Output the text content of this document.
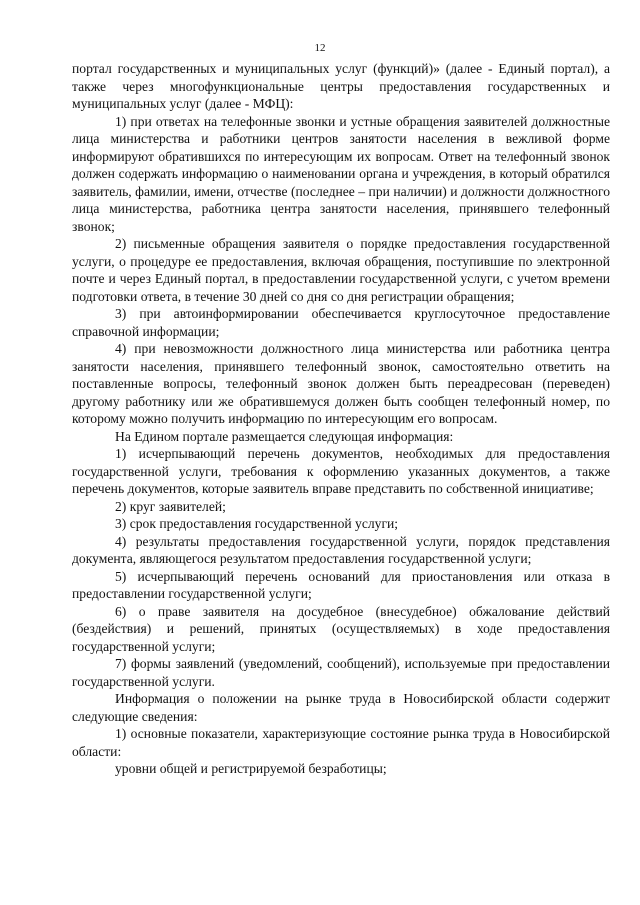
12

портал государственных и муниципальных услуг (функций)» (далее - Единый портал), а также через многофункциональные центры предоставления государственных и муниципальных услуг (далее - МФЦ):

1) при ответах на телефонные звонки и устные обращения заявителей должностные лица министерства и работники центров занятости населения в вежливой форме информируют обратившихся по интересующим их вопросам. Ответ на телефонный звонок должен содержать информацию о наименовании органа и учреждения, в который обратился заявитель, фамилии, имени, отчестве (последнее – при наличии) и должности должностного лица министерства, работника центра занятости населения, принявшего телефонный звонок;

2) письменные обращения заявителя о порядке предоставления государственной услуги, о процедуре ее предоставления, включая обращения, поступившие по электронной почте и через Единый портал, в предоставлении государственной услуги, с учетом времени подготовки ответа, в течение 30 дней со дня со дня регистрации обращения;

3) при автоинформировании обеспечивается круглосуточное предоставление справочной информации;

4) при невозможности должностного лица министерства или работника центра занятости населения, принявшего телефонный звонок, самостоятельно ответить на поставленные вопросы, телефонный звонок должен быть переадресован (переведен) другому работнику или же обратившемуся должен быть сообщен телефонный номер, по которому можно получить информацию по интересующим его вопросам.

На Едином портале размещается следующая информация:

1) исчерпывающий перечень документов, необходимых для предоставления государственной услуги, требования к оформлению указанных документов, а также перечень документов, которые заявитель вправе представить по собственной инициативе;

2) круг заявителей;

3) срок предоставления государственной услуги;

4) результаты предоставления государственной услуги, порядок представления документа, являющегося результатом предоставления государственной услуги;

5) исчерпывающий перечень оснований для приостановления или отказа в предоставлении государственной услуги;

6) о праве заявителя на досудебное (внесудебное) обжалование действий (бездействия) и решений, принятых (осуществляемых) в ходе предоставления государственной услуги;

7) формы заявлений (уведомлений, сообщений), используемые при предоставлении государственной услуги.

Информация о положении на рынке труда в Новосибирской области содержит следующие сведения:

1) основные показатели, характеризующие состояние рынка труда в Новосибирской области:

уровни общей и регистрируемой безработицы;
